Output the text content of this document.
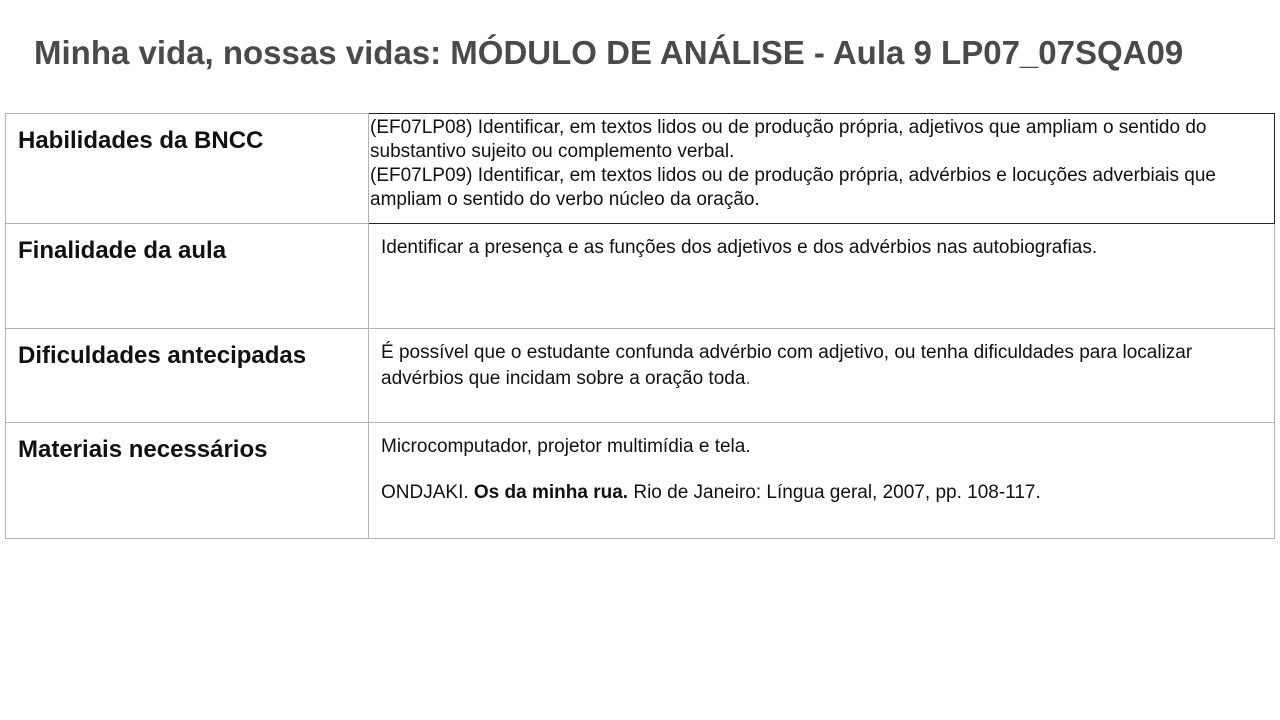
Minha vida, nossas vidas: MÓDULO DE ANÁLISE - Aula 9 LP07_07SQA09
Habilidades da BNCC	(EF07LP08) Identificar, em textos lidos ou de produção própria, adjetivos que ampliam o sentido do substantivo sujeito ou complemento verbal.
(EF07LP09) Identificar, em textos lidos ou de produção própria, advérbios e locuções adverbiais que ampliam o sentido do verbo núcleo da oração.

Finalidade da aula	Identificar a presença e as funções dos adjetivos e dos advérbios nas autobiografias.

Dificuldades antecipadas	É possível que o estudante confunda advérbio com adjetivo, ou tenha dificuldades para localizar advérbios que incidam sobre a oração toda.

Materiais necessários	Microcomputador, projetor multimídia e tela.
ONDJAKI. Os da minha rua. Rio de Janeiro: Língua geral, 2007, pp. 108-117.
